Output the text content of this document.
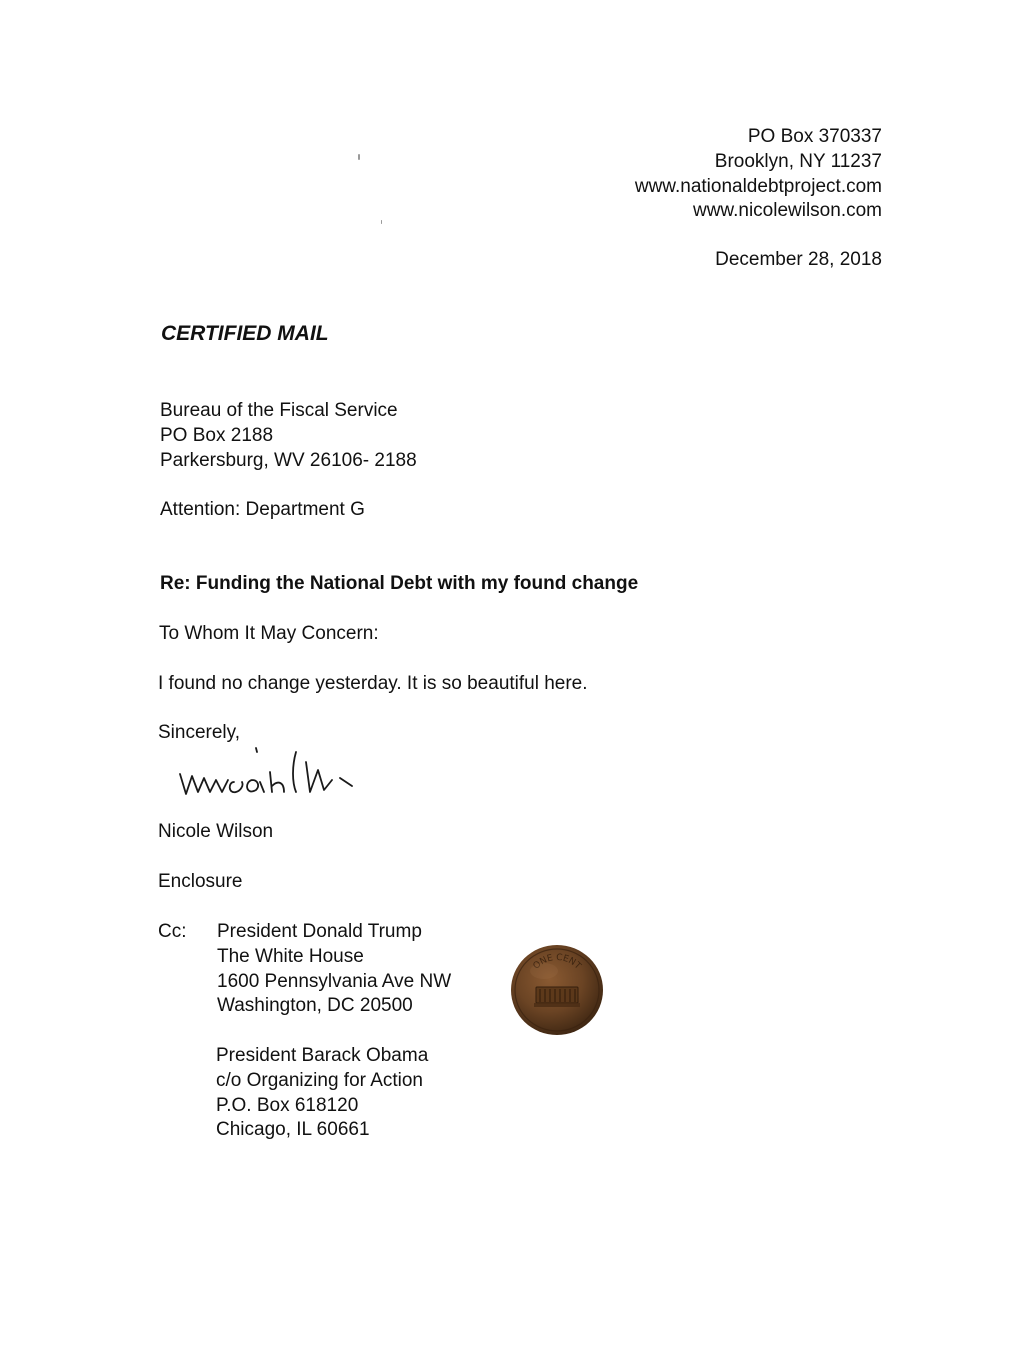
PO Box 370337
Brooklyn, NY 11237
www.nationaldebtproject.com
www.nicolewilson.com
December 28, 2018
CERTIFIED MAIL
Bureau of the Fiscal Service
PO Box 2188
Parkersburg, WV 26106- 2188
Attention: Department G
Re: Funding the National Debt with my found change
To Whom It May Concern:
I found no change yesterday. It is so beautiful here.
Sincerely,
Nicole Wilson
Enclosure
Cc: President Donald Trump
The White House
1600 Pennsylvania Ave NW
Washington, DC 20500
President Barack Obama
c/o Organizing for Action
P.O. Box 618120
Chicago, IL 60661
ONE CENT
